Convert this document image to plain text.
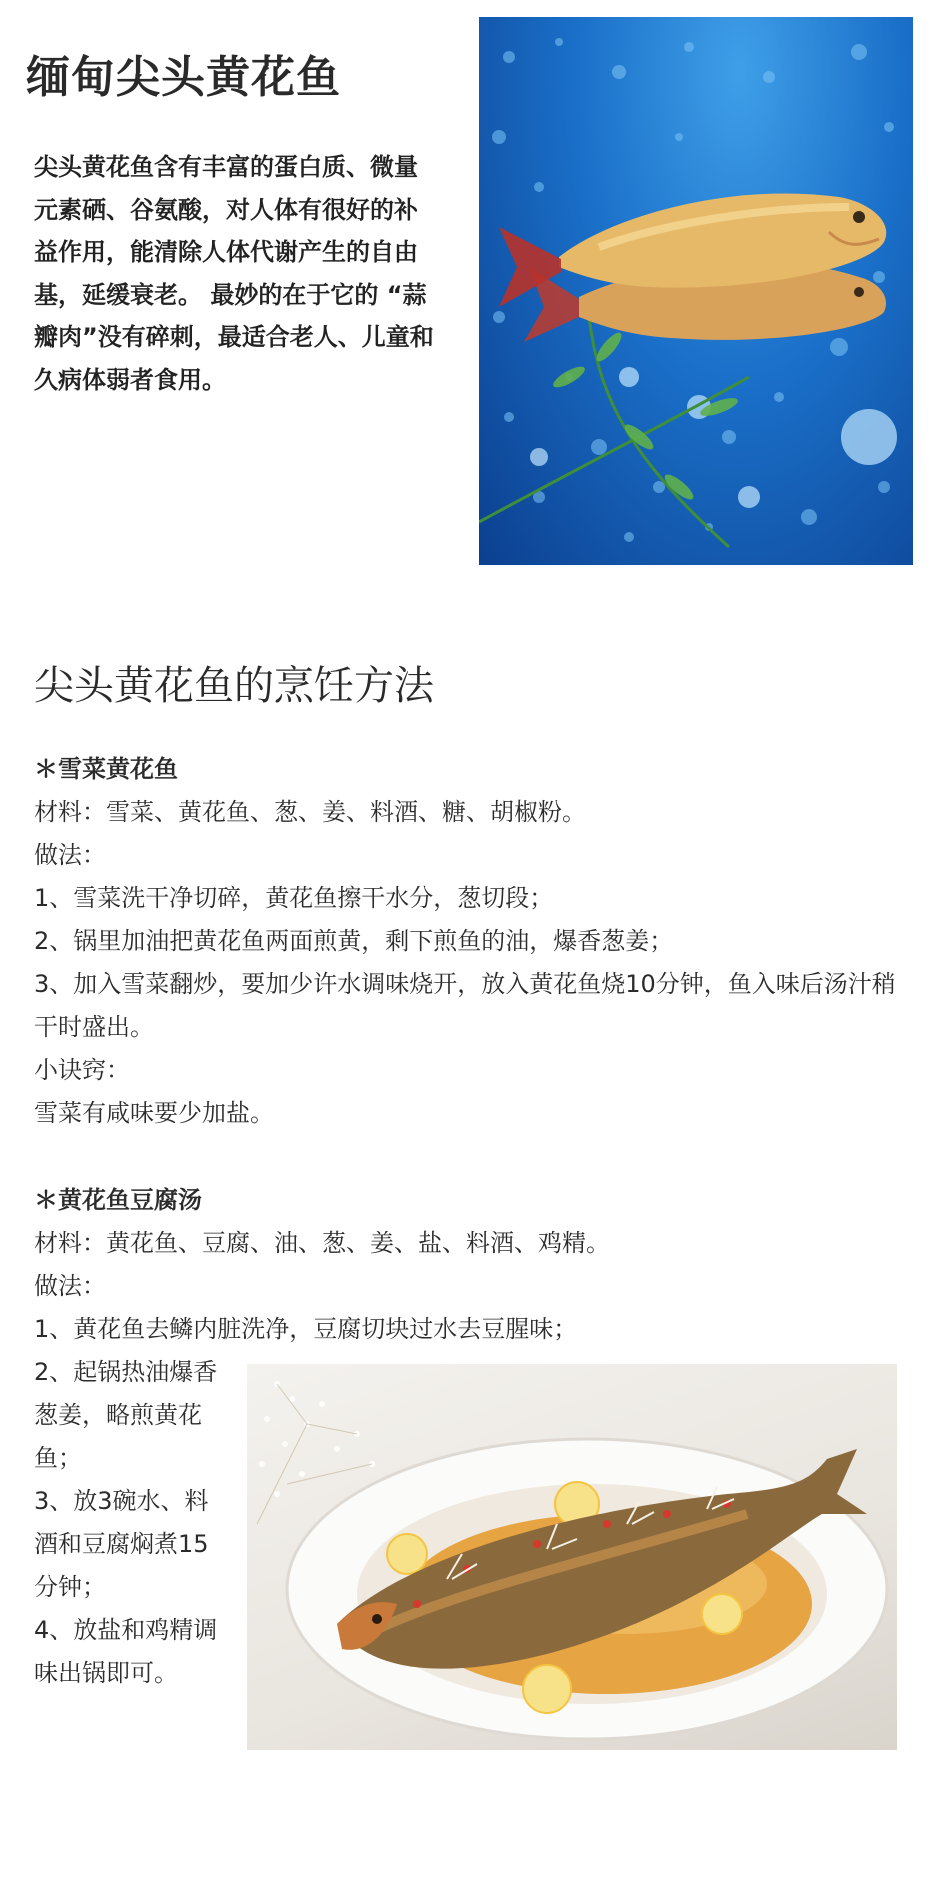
缅甸尖头黄花鱼

尖头黄花鱼含有丰富的蛋白质、微量元素硒、谷氨酸，对人体有很好的补益作用，能清除人体代谢产生的自由基，延缓衰老。 最妙的在于它的 “蒜瓣肉”没有碎刺，最适合老人、儿童和久病体弱者食用。

尖头黄花鱼的烹饪方法

＊雪菜黄花鱼

材料：雪菜、黄花鱼、葱、姜、料酒、糖、胡椒粉。

做法：

1、雪菜洗干净切碎，黄花鱼擦干水分，葱切段；

2、锅里加油把黄花鱼两面煎黄，剩下煎鱼的油，爆香葱姜；

3、加入雪菜翻炒，要加少许水调味烧开，放入黄花鱼烧10分钟，鱼入味后汤汁稍干时盛出。

小诀窍：

雪菜有咸味要少加盐。

＊黄花鱼豆腐汤

材料：黄花鱼、豆腐、油、葱、姜、盐、料酒、鸡精。

做法：

1、黄花鱼去鳞内脏洗净，豆腐切块过水去豆腥味；

2、起锅热油爆香葱姜，略煎黄花鱼；

3、放3碗水、料酒和豆腐焖煮15分钟；

4、放盐和鸡精调味出锅即可。
